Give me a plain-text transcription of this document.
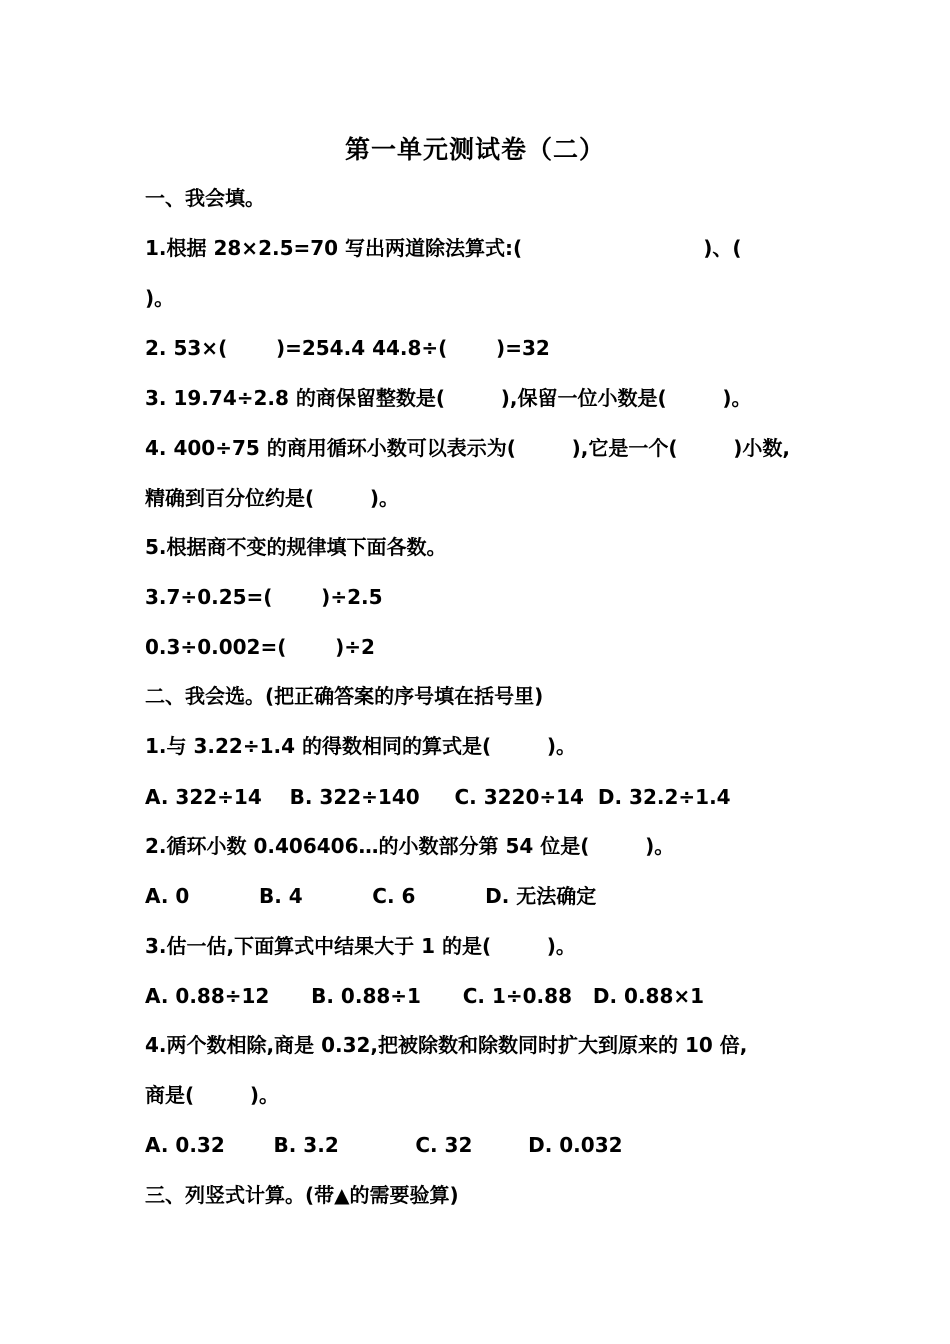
第一单元测试卷（二）
一、我会填。
1.根据 28×2.5=70 写出两道除法算式:(                          )、(
)。
2. 53×(       )=254.4 44.8÷(       )=32
3. 19.74÷2.8 的商保留整数是(        ),保留一位小数是(        )。
4. 400÷75 的商用循环小数可以表示为(        ),它是一个(        )小数,
精确到百分位约是(        )。
5.根据商不变的规律填下面各数。
3.7÷0.25=(       )÷2.5
0.3÷0.002=(       )÷2
二、我会选。(把正确答案的序号填在括号里)
1.与 3.22÷1.4 的得数相同的算式是(        )。
A. 322÷14    B. 322÷140     C. 3220÷14  D. 32.2÷1.4
2.循环小数 0.406406…的小数部分第 54 位是(        )。
A. 0          B. 4          C. 6          D. 无法确定
3.估一估,下面算式中结果大于 1 的是(        )。
A. 0.88÷12      B. 0.88÷1      C. 1÷0.88   D. 0.88×1
4.两个数相除,商是 0.32,把被除数和除数同时扩大到原来的 10 倍,
商是(        )。
A. 0.32       B. 3.2           C. 32        D. 0.032
三、列竖式计算。(带▲的需要验算)
